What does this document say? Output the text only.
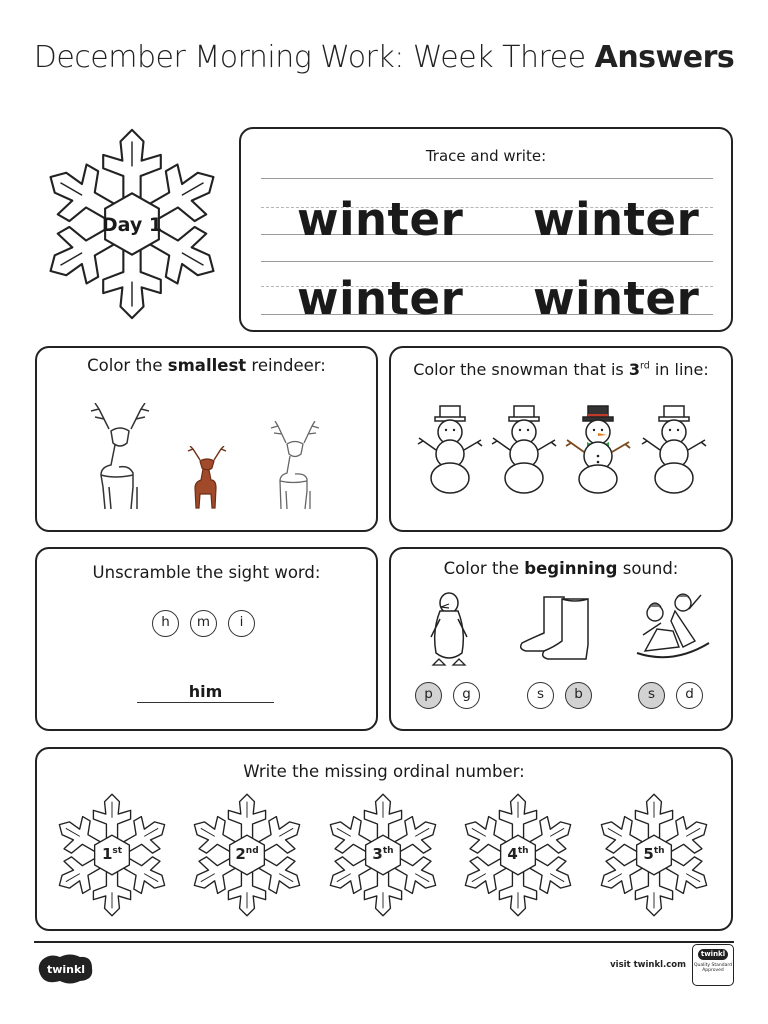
December Morning Work: Week Three Answers
Day 1
Trace and write:
winter winter
winter winter
Color the smallest reindeer:	Color the snowman that is 3rd in line:
Unscramble the sight word:
h	m	i
him
Color the beginning sound:
p	g	s	b	s	d
Write the missing ordinal number:
1st	2nd	3th	4th	5th
twinkl	visit twinkl.com
twinkl
Quality Standard Approved
